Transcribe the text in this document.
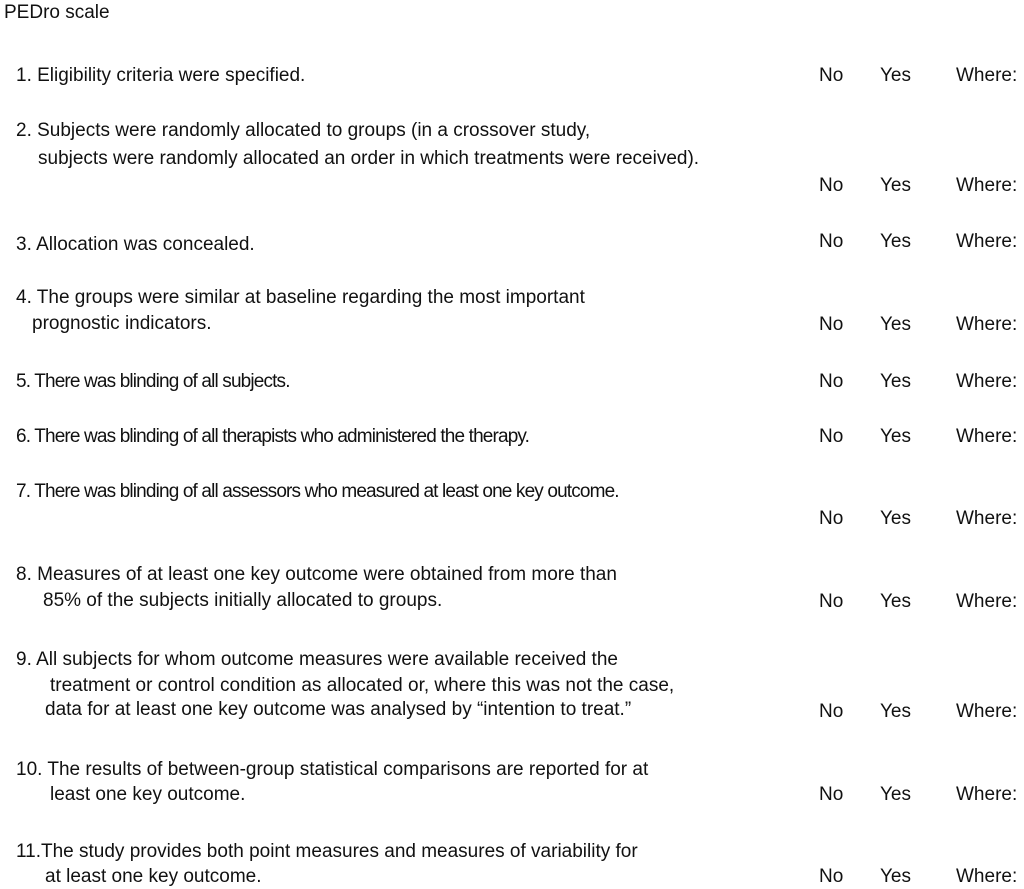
PEDro scale
1. Eligibility criteria were specified.	No Yes Where:
2. Subjects were randomly allocated to groups (in a crossover study,
subjects were randomly allocated an order in which treatments were received).
No Yes Where:
3. Allocation was concealed.	No Yes Where:
4. The groups were similar at baseline regarding the most important
prognostic indicators.	No Yes Where:
5. There was blinding of all subjects.	No Yes Where:
6. There was blinding of all therapists who administered the therapy.	No Yes Where:
7. There was blinding of all assessors who measured at least one key outcome.
No Yes Where:
8. Measures of at least one key outcome were obtained from more than
85% of the subjects initially allocated to groups.	No Yes Where:
9. All subjects for whom outcome measures were available received the
treatment or control condition as allocated or, where this was not the case,
data for at least one key outcome was analysed by “intention to treat.”	No Yes Where:
10. The results of between-group statistical comparisons are reported for at
least one key outcome.	No Yes Where:
11.The study provides both point measures and measures of variability for
at least one key outcome.	No Yes Where:
